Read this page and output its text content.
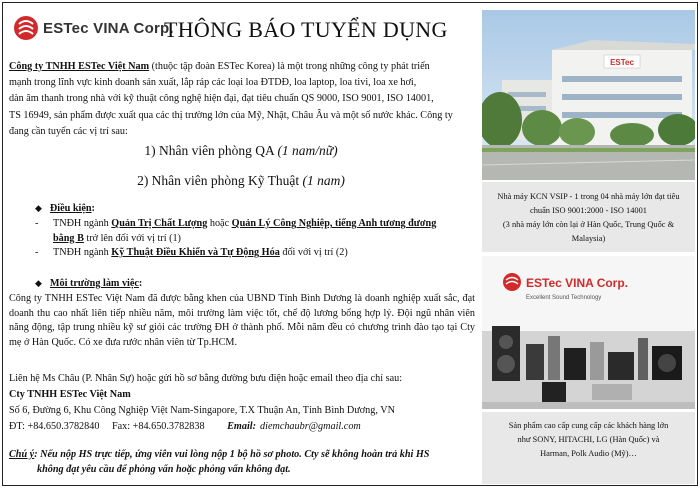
ESTec VINA Corp.
THÔNG BÁO TUYỂN DỤNG
Công ty TNHH ESTec Việt Nam (thuộc tập đoàn ESTec Korea) là một trong những công ty phát triển
mạnh trong lĩnh vực kinh doanh sản xuất, lắp ráp các loại loa ĐTDĐ, loa laptop, loa tivi, loa xe hơi,
dàn âm thanh trong nhà với kỹ thuật công nghệ hiện đại, đạt tiêu chuẩn QS 9000, ISO 9001, ISO 14001,
TS 16949, sản phẩm được xuất qua các thị trường lớn của Mỹ, Nhật, Châu Âu và một số nước khác. Công ty
đang cần tuyển các vị trí sau:
1) Nhân viên phòng QA (1 nam/nữ)
2) Nhân viên phòng Kỹ Thuật (1 nam)
◆ Điều kiện:
- TNĐH ngành Quản Trị Chất Lượng hoặc Quản Lý Công Nghiệp, tiếng Anh tương đương
bằng B trở lên đối với vị trí (1)
- TNĐH ngành Kỹ Thuật Điều Khiển và Tự Động Hóa đối với vị trí (2)
◆ Môi trường làm việc:
Công ty TNHH ESTec Việt Nam đã được bằng khen của UBND Tỉnh Bình Dương là doanh nghiệp xuất sắc, đạt doanh thu cao nhất liên tiếp nhiều năm, môi trường làm việc tốt, chế độ lương bổng hợp lý. Đội ngũ nhân viên năng động, tập trung nhiều kỹ sư giỏi các trường ĐH ở thành phố. Mỗi năm đều có chương trình đào tạo tại Cty mẹ ở Hàn Quốc. Có xe đưa rước nhân viên từ Tp.HCM.
Liên hệ Ms Châu (P. Nhân Sự) hoặc gửi hồ sơ bằng đường bưu điện hoặc email theo địa chỉ sau:
Cty TNHH ESTec Việt Nam
Số 6, Đường 6, Khu Công Nghiệp Việt Nam-Singapore, T.X Thuận An, Tỉnh Bình Dương, VN
ĐT: +84.650.3782840 Fax: +84.650.3782838 Email: diemchaubr@gmail.com
Chú ý: Nếu nộp HS trực tiếp, ứng viên vui lòng nộp 1 bộ hồ sơ photo. Cty sẽ không hoàn trả khi HS
không đạt yêu cầu để phỏng vấn hoặc phỏng vấn không đạt.
ESTec
Nhà máy KCN VSIP - 1 trong 04 nhà máy lớn đạt tiêu
chuẩn ISO 9001:2000 - ISO 14001
(3 nhà máy lớn còn lại ở Hàn Quốc, Trung Quốc &
Malaysia)
ESTec VINA Corp.
Excellent Sound Technology
Sản phẩm cao cấp cung cấp các khách hàng lớn
như SONY, HITACHI, LG (Hàn Quốc) và
Harman, Polk Audio (Mỹ)…
